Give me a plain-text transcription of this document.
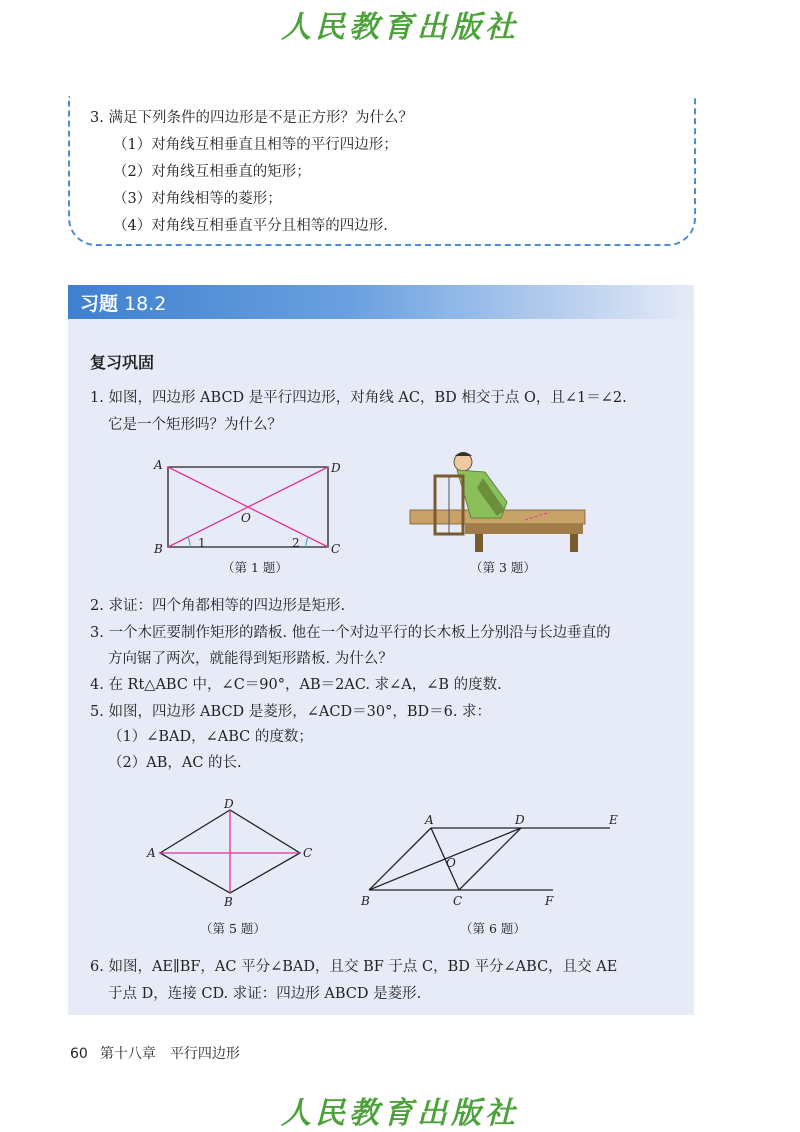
人民教育出版社
3. 满足下列条件的四边形是不是正方形？为什么？
（1）对角线互相垂直且相等的平行四边形；
（2）对角线互相垂直的矩形；
（3）对角线相等的菱形；
（4）对角线互相垂直平分且相等的四边形.
习题 18.2
复习巩固
1. 如图，四边形 ABCD 是平行四边形，对角线 AC，BD 相交于点 O，且∠1＝∠2.
它是一个矩形吗？为什么？
A	D
B	C
O
1	2
（第 1 题）	（第 3 题）
2. 求证：四个角都相等的四边形是矩形.
3. 一个木匠要制作矩形的踏板. 他在一个对边平行的长木板上分别沿与长边垂直的
方向锯了两次，就能得到矩形踏板. 为什么？
4. 在 Rt△ABC 中，∠C＝90°，AB＝2AC. 求∠A，∠B 的度数.
5. 如图，四边形 ABCD 是菱形，∠ACD＝30°，BD＝6. 求：
（1）∠BAD，∠ABC 的度数；
（2）AB，AC 的长.
A
D
C
B
（第 5 题）
A	D	E
B	C	F
O
（第 6 题）
6. 如图，AE∥BF，AC 平分∠BAD，且交 BF 于点 C，BD 平分∠ABC，且交 AE
于点 D，连接 CD. 求证：四边形 ABCD 是菱形.
60 第十八章　平行四边形
人民教育出版社
